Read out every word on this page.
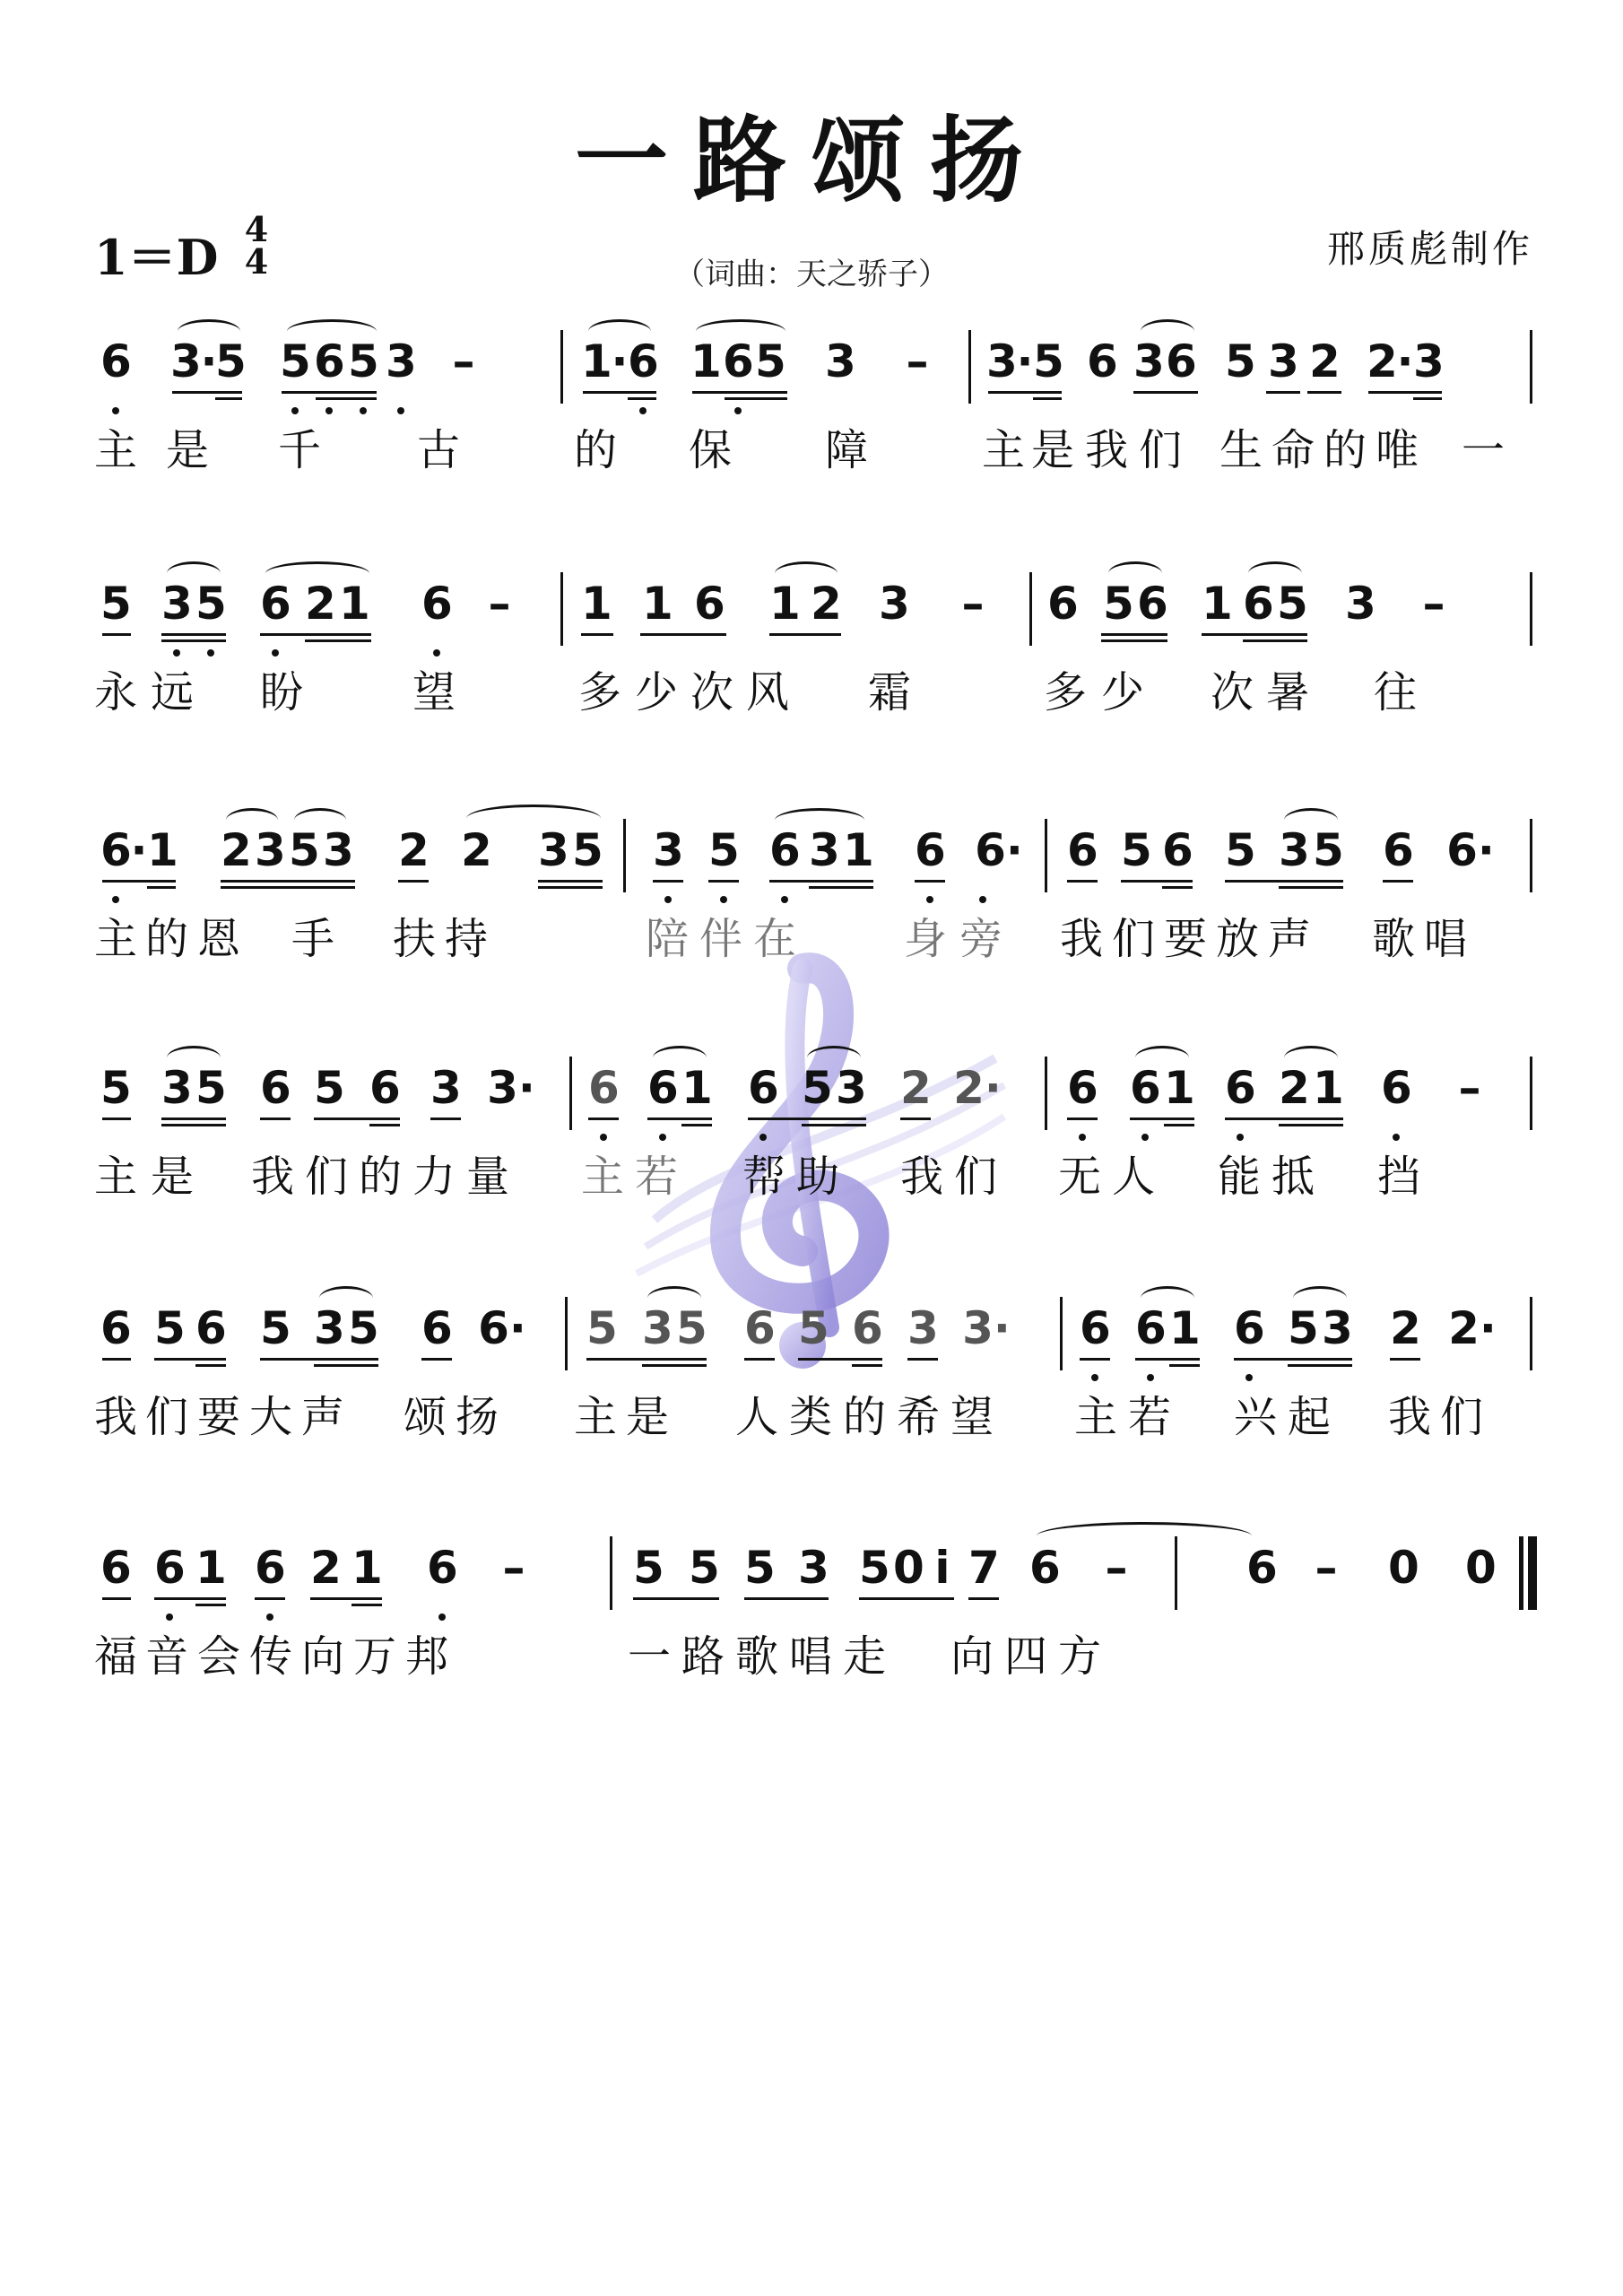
一路颂扬
1＝D 4
4	（词曲：天之骄子）
邢质彪制作
6 3
·
5 5 6 5 3 – 1
· 6 1 6 5 3 – 3
· 5 6 3 6 5 3 2 2
· 3
主 是 千 古	的 保 障	主 是 我 们 生 命 的 唯 一
5 3 5 6 2 1 6 – 1 1 6 1 2 3 – 6 5 6 1 6 5 3 –
永 远 盼	望	多 少 次 风 霜	多 少 次 暑 往
6
· 1 2 3 5 3 2 2 3 5 3 5 6 3 1 6 6· 6 5 6 5 3 5 6 6·
主 的 恩 手 扶 持	陪 伴 在 身 旁 我 们 要 放 声 歌 唱
5 3 5 6 5 6 3 3· 6 6 1 6 5 3 2 2· 6 6 1 6 2 1 6 –
主 是 我 们 的 力 量 主 若 帮 助 我 们 无 人 能 抵 挡
6 5 6 5 3 5 6 6· 5 3 5 6 5 6 3 3· 6 6 1 6 5 3 2 2·
我 们 要 大 声 颂 扬 主 是 人 类 的 希 望 主 若 兴 起 我 们
6 6 1 6 2 1 6 – 5 5 5 3 5 0 i 7 6 –	6 – 0 0
福 音 会 传 向 万 邦	一 路 歌 唱 走 向 四 方
